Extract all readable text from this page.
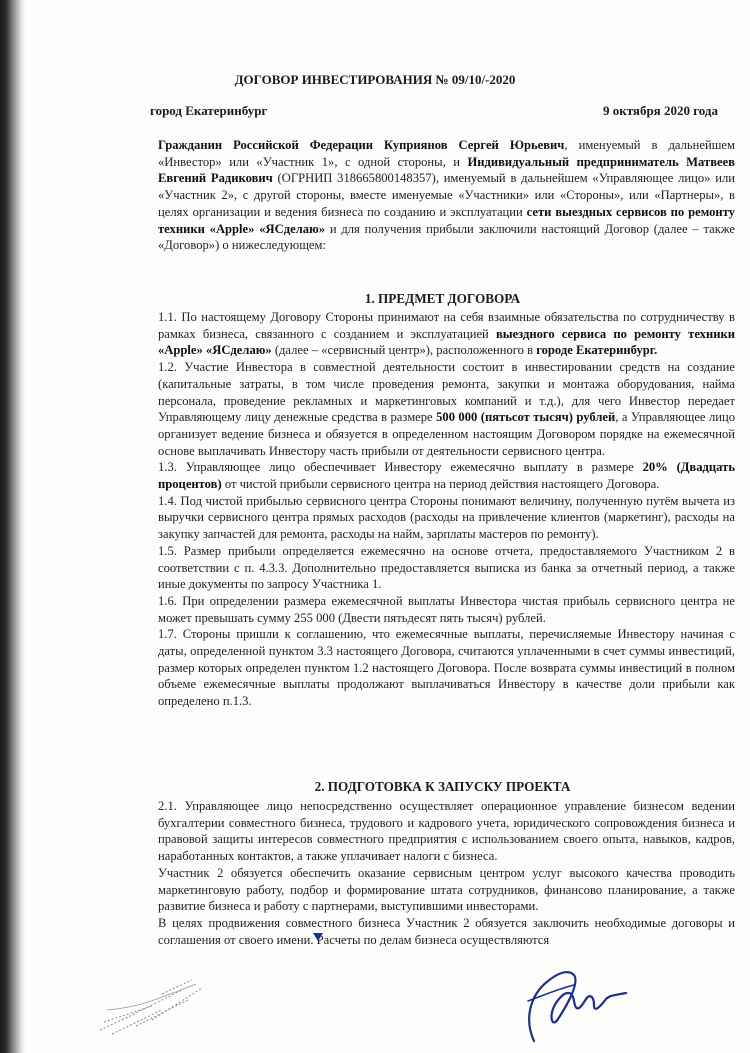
ДОГОВОР ИНВЕСТИРОВАНИЯ № 09/10/-2020
город Екатеринбург	9 октября 2020 года

Гражданин Российской Федерации Куприянов Сергей Юрьевич, именуемый в дальнейшем «Инвестор» или «Участник 1», с одной стороны, и Индивидуальный предприниматель Матвеев Евгений Радикович (ОГРНИП 318665800148357), именуемый в дальнейшем «Управляющее лицо» или «Участник 2», с другой стороны, вместе именуемые «Участники» или «Стороны», или «Партнеры», в целях организации и ведения бизнеса по созданию и эксплуатации сети выездных сервисов по ремонту техники «Apple» «ЯСделаю» и для получения прибыли заключили настоящий Договор (далее – также «Договор») о нижеследующем:

1. ПРЕДМЕТ ДОГОВОРА

1.1. По настоящему Договору Стороны принимают на себя взаимные обязательства по сотрудничеству в рамках бизнеса, связанного с созданием и эксплуатацией выездного сервиса по ремонту техники «Apple» «ЯСделаю» (далее – «сервисный центр»), расположенного в городе Екатеринбург.

1.2. Участие Инвестора в совместной деятельности состоит в инвестировании средств на создание (капитальные затраты, в том числе проведения ремонта, закупки и монтажа оборудования, найма персонала, проведение рекламных и маркетинговых компаний и т.д.), для чего Инвестор передает Управляющему лицу денежные средства в размере 500 000 (пятьсот тысяч) рублей, а Управляющее лицо организует ведение бизнеса и обязуется в определенном настоящим Договором порядке на ежемесячной основе выплачивать Инвестору часть прибыли от деятельности сервисного центра.

1.3. Управляющее лицо обеспечивает Инвестору ежемесячно выплату в размере 20% (Двадцать процентов) от чистой прибыли сервисного центра на период действия настоящего Договора.

1.4. Под чистой прибылью сервисного центра Стороны понимают величину, полученную путём вычета из выручки сервисного центра прямых расходов (расходы на привлечение клиентов (маркетинг), расходы на закупку запчастей для ремонта, расходы на найм, зарплаты мастеров по ремонту).

1.5. Размер прибыли определяется ежемесячно на основе отчета, предоставляемого Участником 2 в соответствии с п. 4.3.3. Дополнительно предоставляется выписка из банка за отчетный период, а также иные документы по запросу Участника 1.

1.6. При определении размера ежемесячной выплаты Инвестора чистая прибыль сервисного центра не может превышать сумму 255 000 (Двести пятьдесят пять тысяч) рублей.

1.7. Стороны пришли к соглашению, что ежемесячные выплаты, перечисляемые Инвестору начиная с даты, определенной пунктом 3.3 настоящего Договора, считаются уплаченными в счет суммы инвестиций, размер которых определен пунктом 1.2 настоящего Договора. После возврата суммы инвестиций в полном объеме ежемесячные выплаты продолжают выплачиваться Инвестору в качестве доли прибыли как определено п.1.3.

2. ПОДГОТОВКА К ЗАПУСКУ ПРОЕКТА

2.1. Управляющее лицо непосредственно осуществляет операционное управление бизнесом ведении бухгалтерии совместного бизнеса, трудового и кадрового учета, юридического сопровождения бизнеса и правовой защиты интересов совместного предприятия с использованием своего опыта, навыков, кадров, наработанных контактов, а также уплачивает налоги с бизнеса.

Участник 2 обязуется обеспечить оказание сервисным центром услуг высокого качества проводить маркетинговую работу, подбор и формирование штата сотрудников, финансово планирование, а также развитие бизнеса и работу с партнерами, выступившими инвесторами.

В целях продвижения совместного бизнеса Участник 2 обязуется заключить необходимые договоры и соглашения от своего имени. Расчеты по делам бизнеса осуществляются
